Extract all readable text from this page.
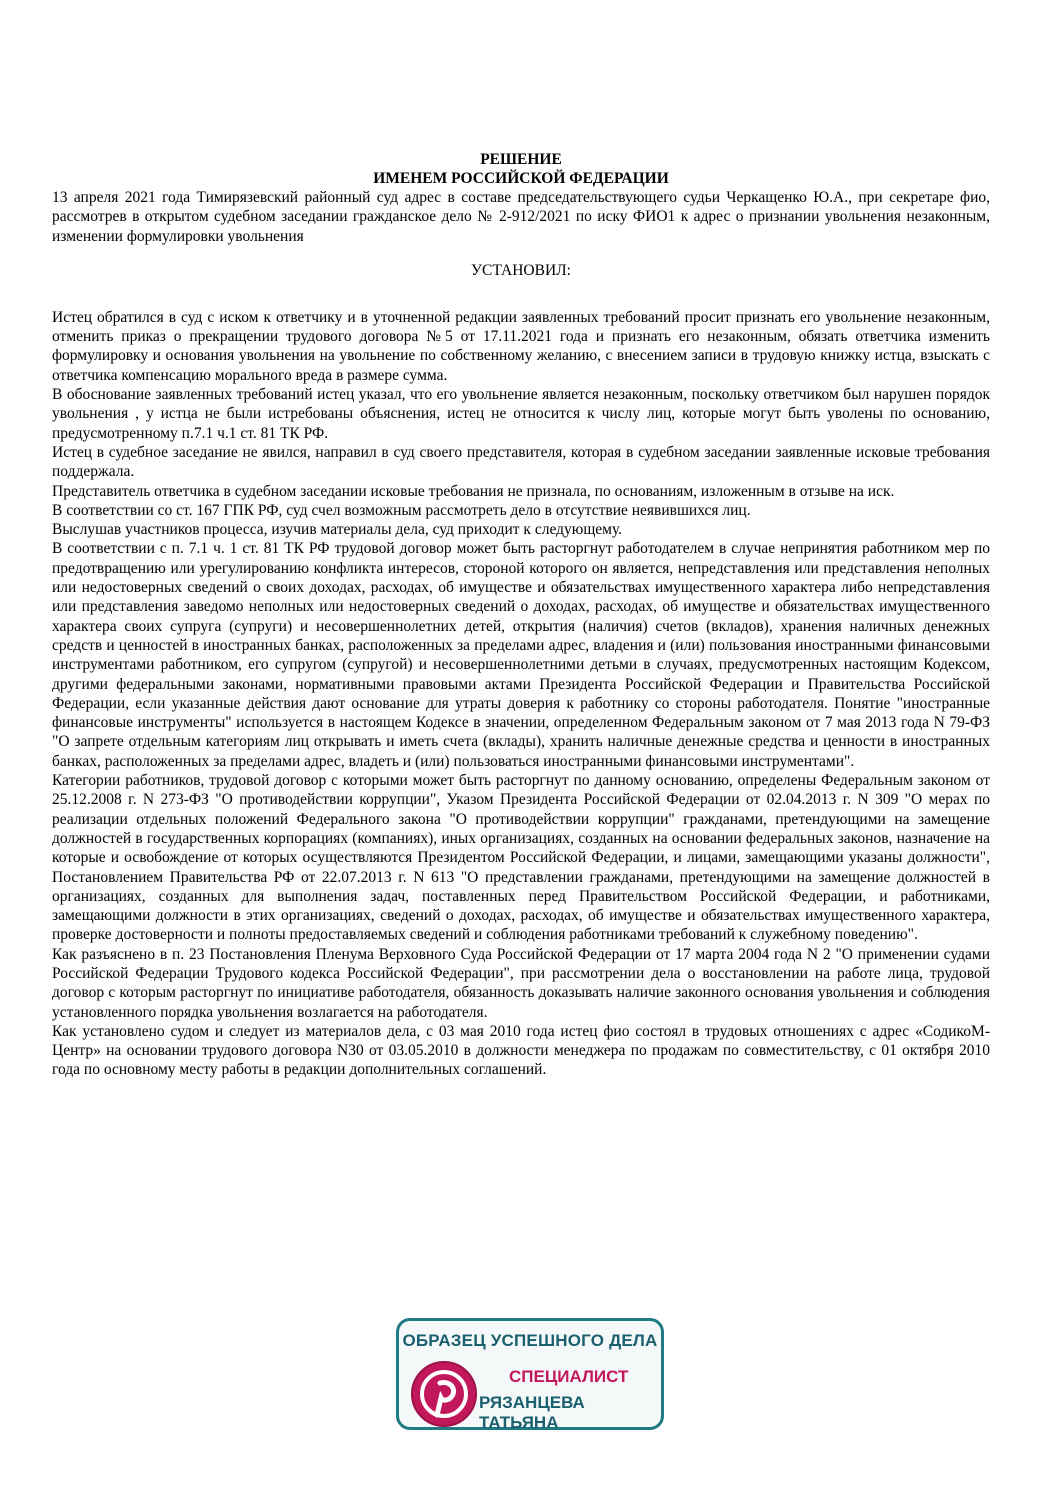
РЕШЕНИЕ
ИМЕНЕМ РОССИЙСКОЙ ФЕДЕРАЦИИ

13 апреля 2021 года Тимирязевский районный суд адрес в составе председательствующего судьи Черкащенко Ю.А., при секретаре фио, рассмотрев в открытом судебном заседании гражданское дело № 2-912/2021 по иску ФИО1 к адрес о признании увольнения незаконным, изменении формулировки увольнения

УСТАНОВИЛ:

Истец обратился в суд с иском к ответчику и в уточненной редакции заявленных требований просит признать его увольнение незаконным, отменить приказ о прекращении трудового договора №5 от 17.11.2021 года и признать его незаконным, обязать ответчика изменить формулировку и основания увольнения на увольнение по собственному желанию, с внесением записи в трудовую книжку истца, взыскать с ответчика компенсацию морального вреда в размере сумма.

В обоснование заявленных требований истец указал, что его увольнение является незаконным, поскольку ответчиком был нарушен порядок увольнения , у истца не были истребованы объяснения, истец не относится к числу лиц, которые могут быть уволены по основанию, предусмотренному п.7.1 ч.1 ст. 81 ТК РФ.

Истец в судебное заседание не явился, направил в суд своего представителя, которая в судебном заседании заявленные исковые требования поддержала.

Представитель ответчика в судебном заседании исковые требования не признала, по основаниям, изложенным в отзыве на иск.

В соответствии со ст. 167 ГПК РФ, суд счел возможным рассмотреть дело в отсутствие неявившихся лиц.

Выслушав участников процесса, изучив материалы дела, суд приходит к следующему.

В соответствии с п. 7.1 ч. 1 ст. 81 ТК РФ трудовой договор может быть расторгнут работодателем в случае непринятия работником мер по предотвращению или урегулированию конфликта интересов, стороной которого он является, непредставления или представления неполных или недостоверных сведений о своих доходах, расходах, об имуществе и обязательствах имущественного характера либо непредставления или представления заведомо неполных или недостоверных сведений о доходах, расходах, об имуществе и обязательствах имущественного характера своих супруга (супруги) и несовершеннолетних детей, открытия (наличия) счетов (вкладов), хранения наличных денежных средств и ценностей в иностранных банках, расположенных за пределами адрес, владения и (или) пользования иностранными финансовыми инструментами работником, его супругом (супругой) и несовершеннолетними детьми в случаях, предусмотренных настоящим Кодексом, другими федеральными законами, нормативными правовыми актами Президента Российской Федерации и Правительства Российской Федерации, если указанные действия дают основание для утраты доверия к работнику со стороны работодателя. Понятие "иностранные финансовые инструменты" используется в настоящем Кодексе в значении, определенном Федеральным законом от 7 мая 2013 года N 79-ФЗ "О запрете отдельным категориям лиц открывать и иметь счета (вклады), хранить наличные денежные средства и ценности в иностранных банках, расположенных за пределами адрес, владеть и (или) пользоваться иностранными финансовыми инструментами".

Категории работников, трудовой договор с которыми может быть расторгнут по данному основанию, определены Федеральным законом от 25.12.2008 г. N 273-ФЗ "О противодействии коррупции", Указом Президента Российской Федерации от 02.04.2013 г. N 309 "О мерах по реализации отдельных положений Федерального закона "О противодействии коррупции" гражданами, претендующими на замещение должностей в государственных корпорациях (компаниях), иных организациях, созданных на основании федеральных законов, назначение на которые и освобождение от которых осуществляются Президентом Российской Федерации, и лицами, замещающими указаны должности", Постановлением Правительства РФ от 22.07.2013 г. N 613 "О представлении гражданами, претендующими на замещение должностей в организациях, созданных для выполнения задач, поставленных перед Правительством Российской Федерации, и работниками, замещающими должности в этих организациях, сведений о доходах, расходах, об имуществе и обязательствах имущественного характера, проверке достоверности и полноты предоставляемых сведений и соблюдения работниками требований к служебному поведению".

Как разъяснено в п. 23 Постановления Пленума Верховного Суда Российской Федерации от 17 марта 2004 года N 2 "О применении судами Российской Федерации Трудового кодекса Российской Федерации", при рассмотрении дела о восстановлении на работе лица, трудовой договор с которым расторгнут по инициативе работодателя, обязанность доказывать наличие законного основания увольнения и соблюдения установленного порядка увольнения возлагается на работодателя.

Как установлено судом и следует из материалов дела, с 03 мая 2010 года истец фио состоял в трудовых отношениях с адрес «СодикоМ-Центр» на основании трудового договора N30 от 03.05.2010 в должности менеджера по продажам по совместительству, с 01 октября 2010 года по основному месту работы в редакции дополнительных соглашений.

ОБРАЗЕЦ УСПЕШНОГО ДЕЛА
СПЕЦИАЛИСТ
РЯЗАНЦЕВА ТАТЬЯНА
